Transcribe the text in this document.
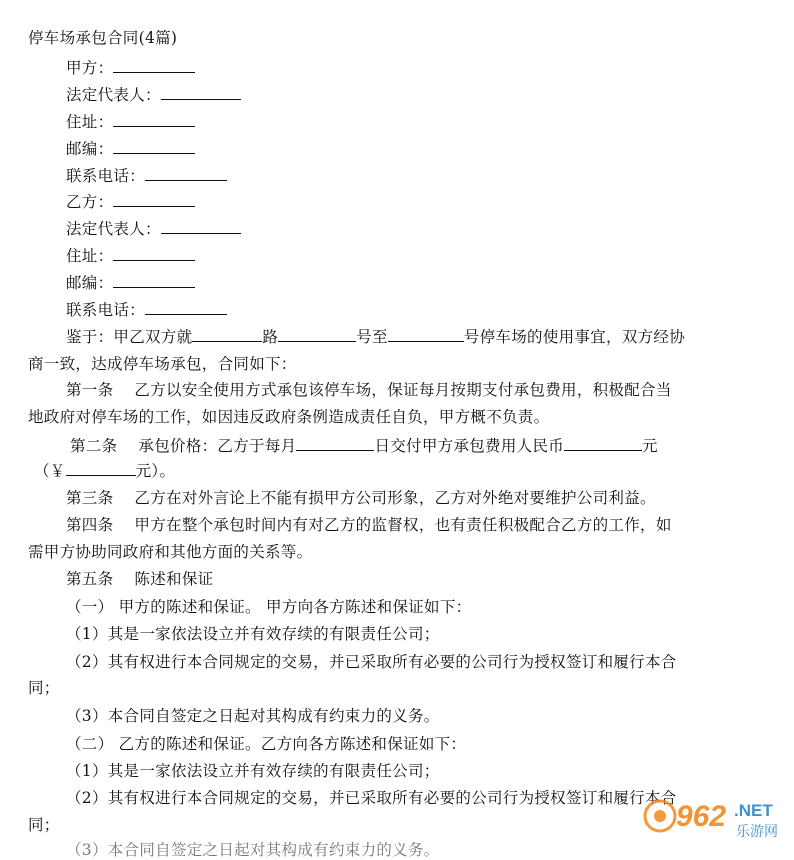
停车场承包合同(4篇)
甲方：
法定代表人：
住址：
邮编：
联系电话：
乙方：
法定代表人：
住址：
邮编：
联系电话：
鉴于：甲乙双方就	路	号至	号停车场的使用事宜，双方经协
商一致，达成停车场承包，合同如下：
第一条　 乙方以安全使用方式承包该停车场，保证每月按期支付承包费用，积极配合当
地政府对停车场的工作，如因违反政府条例造成责任自负，甲方概不负责。
第二条　 承包价格：乙方于每月	日交付甲方承包费用人民币	元
（￥	元）。
第三条　 乙方在对外言论上不能有损甲方公司形象，乙方对外绝对要维护公司利益。
第四条　 甲方在整个承包时间内有对乙方的监督权，也有责任积极配合乙方的工作，如
需甲方协助同政府和其他方面的关系等。
第五条　 陈述和保证
（一） 甲方的陈述和保证。 甲方向各方陈述和保证如下：
（1）其是一家依法设立并有效存续的有限责任公司；
（2）其有权进行本合同规定的交易，并已采取所有必要的公司行为授权签订和履行本合
同；
（3）本合同自签定之日起对其构成有约束力的义务。
（二） 乙方的陈述和保证。乙方向各方陈述和保证如下：
（1）其是一家依法设立并有效存续的有限责任公司；
（2）其有权进行本合同规定的交易，并已采取所有必要的公司行为授权签订和履行本合
同；
（3）本合同自签定之日起对其构成有约束力的义务。
962 .NET
乐游网
